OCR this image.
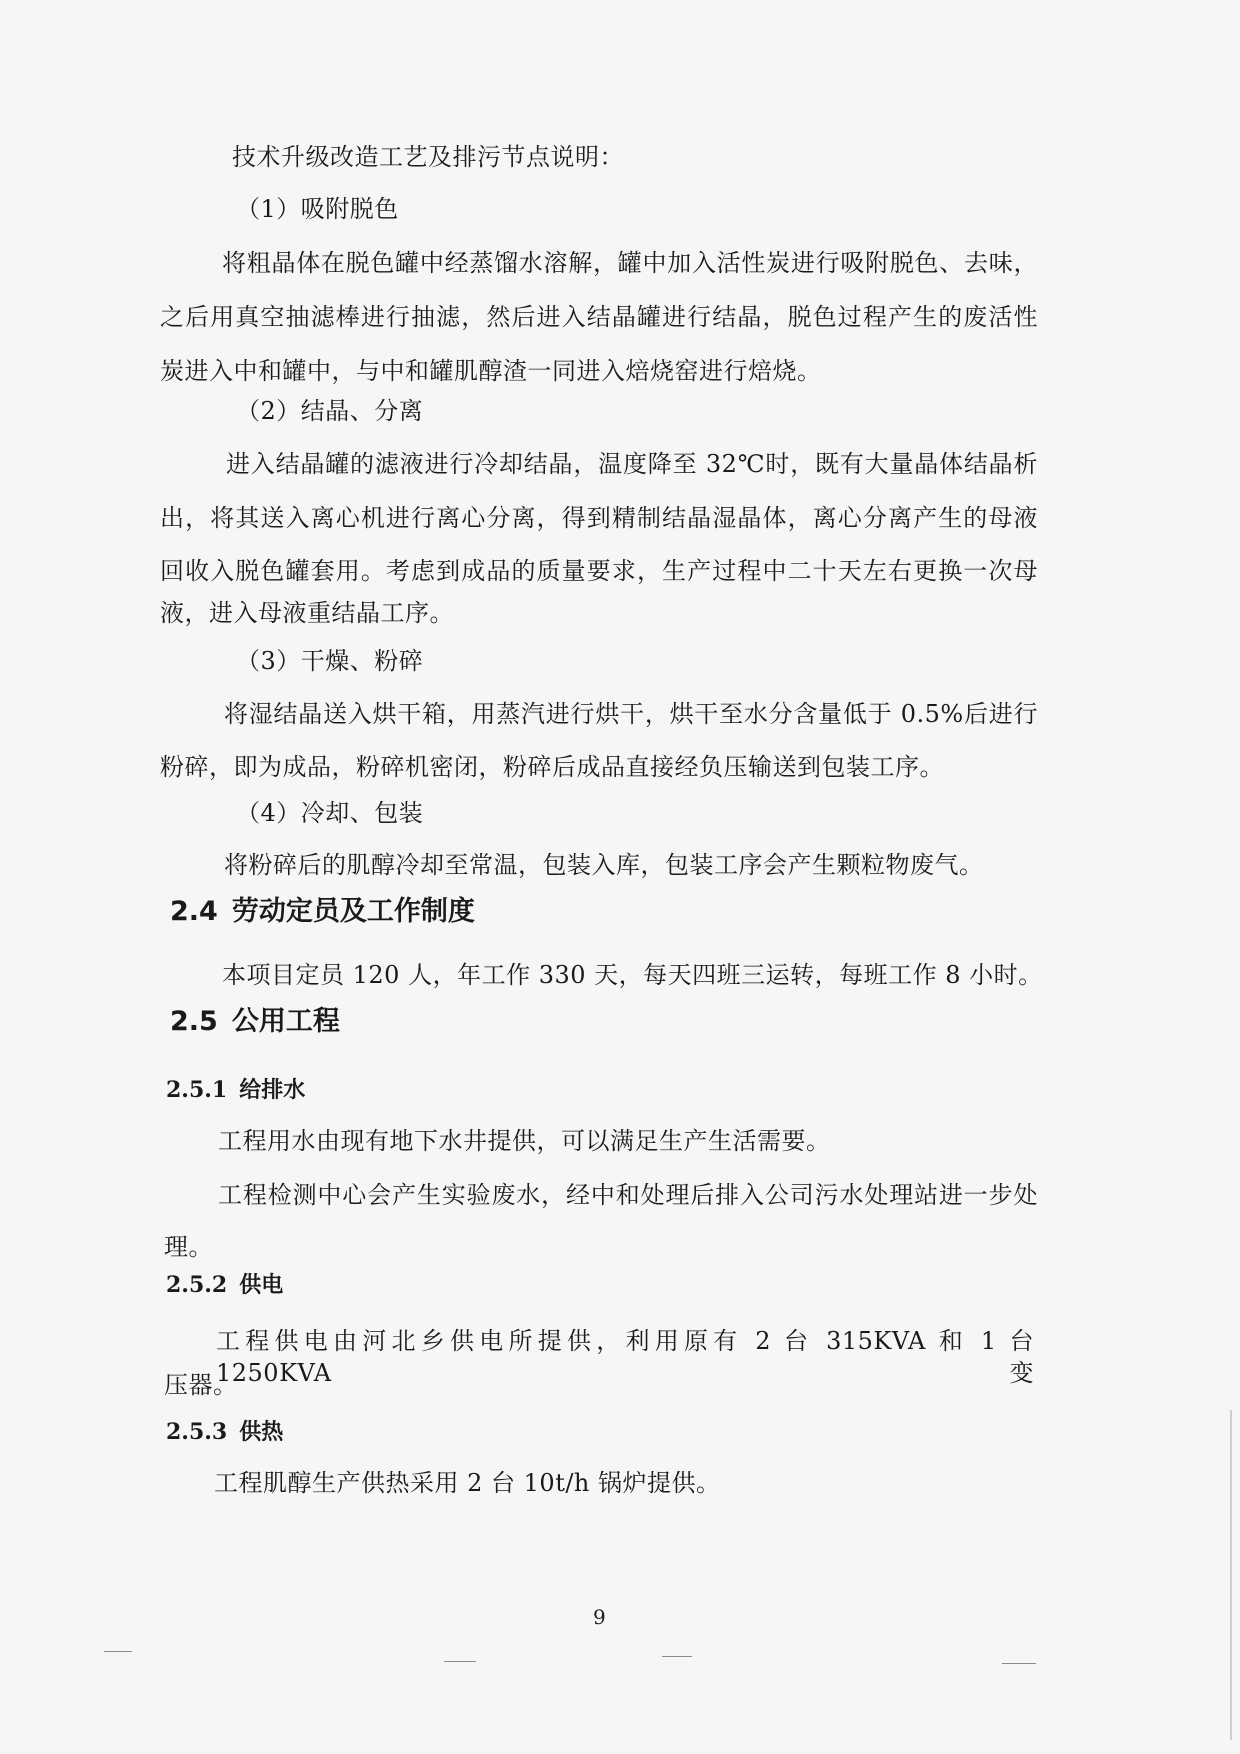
技术升级改造工艺及排污节点说明：

（1）吸附脱色

将粗晶体在脱色罐中经蒸馏水溶解，罐中加入活性炭进行吸附脱色、去味，

之后用真空抽滤棒进行抽滤，然后进入结晶罐进行结晶，脱色过程产生的废活性

炭进入中和罐中，与中和罐肌醇渣一同进入焙烧窑进行焙烧。

（2）结晶、分离

进入结晶罐的滤液进行冷却结晶，温度降至 32℃时，既有大量晶体结晶析

出，将其送入离心机进行离心分离，得到精制结晶湿晶体，离心分离产生的母液

回收入脱色罐套用。考虑到成品的质量要求，生产过程中二十天左右更换一次母

液，进入母液重结晶工序。

（3）干燥、粉碎

将湿结晶送入烘干箱，用蒸汽进行烘干，烘干至水分含量低于 0.5%后进行

粉碎，即为成品，粉碎机密闭，粉碎后成品直接经负压输送到包装工序。

（4）冷却、包装

将粉碎后的肌醇冷却至常温，包装入库，包装工序会产生颗粒物废气。

2.4 劳动定员及工作制度

本项目定员 120 人，年工作 330 天，每天四班三运转，每班工作 8 小时。

2.5 公用工程
2.5.1 给排水

工程用水由现有地下水井提供，可以满足生产生活需要。

工程检测中心会产生实验废水，经中和处理后排入公司污水处理站进一步处

理。

2.5.2 供电

工程供电由河北乡供电所提供，利用原有 2 台 315KVA 和 1 台 1250KVA 变

压器。

2.5.3 供热

工程肌醇生产供热采用 2 台 10t/h 锅炉提供。

9
